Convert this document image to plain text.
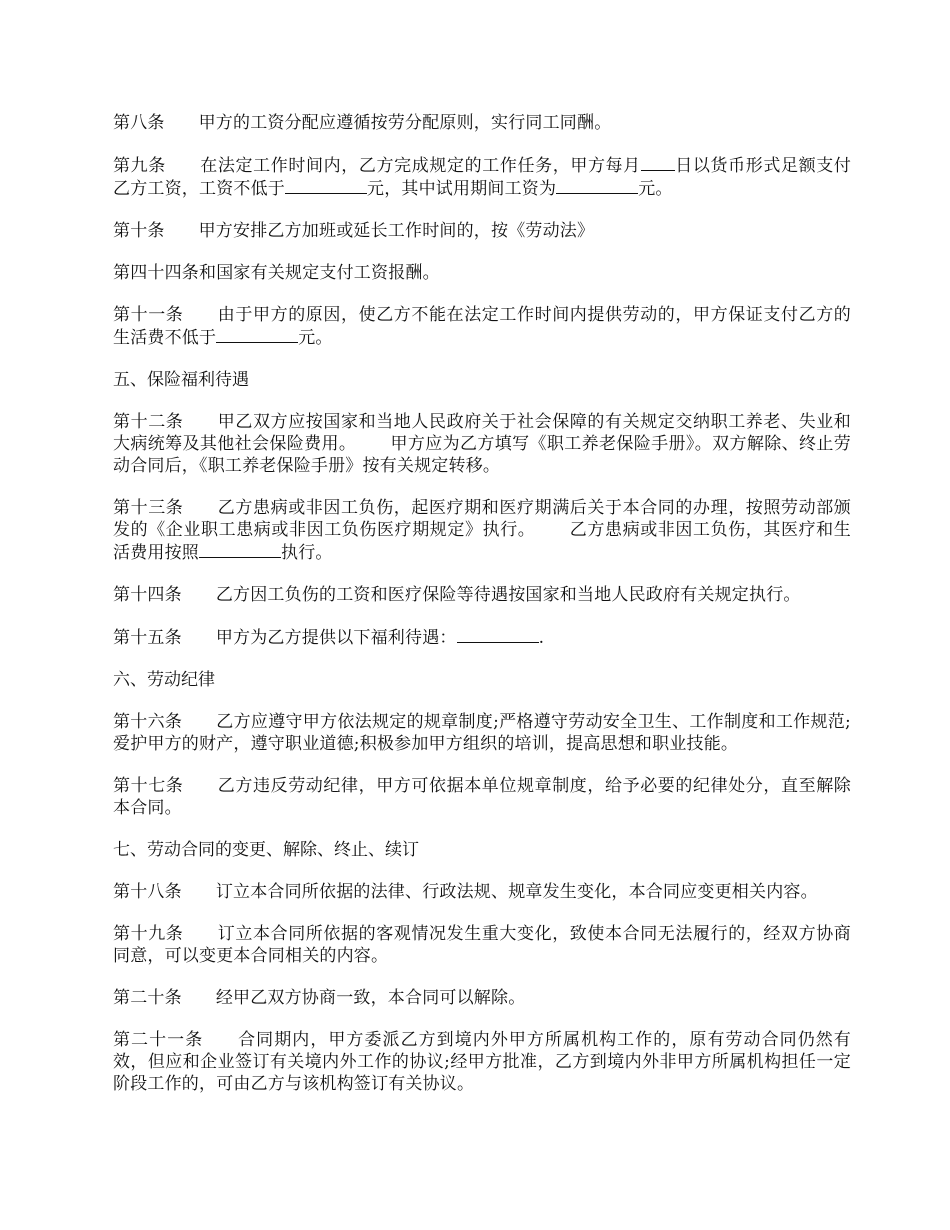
第八条 甲方的工资分配应遵循按劳分配原则，实行同工同酬。

第九条 在法定工作时间内，乙方完成规定的工作任务，甲方每月 日以货币形式足额支付乙方工资，工资不低于	元，其中试用期间工资为	元。

第十条 甲方安排乙方加班或延长工作时间的，按《劳动法》

第四十四条和国家有关规定支付工资报酬。

第十一条 由于甲方的原因，使乙方不能在法定工作时间内提供劳动的，甲方保证支付乙方的生活费不低于	元。

五、保险福利待遇

第十二条 甲乙双方应按国家和当地人民政府关于社会保障的有关规定交纳职工养老、失业和大病统筹及其他社会保险费用。 甲方应为乙方填写《职工养老保险手册》。双方解除、终止劳动合同后，《职工养老保险手册》按有关规定转移。

第十三条 乙方患病或非因工负伤，起医疗期和医疗期满后关于本合同的办理，按照劳动部颁发的《企业职工患病或非因工负伤医疗期规定》执行。 乙方患病或非因工负伤，其医疗和生活费用按照	执行。

第十四条 乙方因工负伤的工资和医疗保险等待遇按国家和当地人民政府有关规定执行。

第十五条 甲方为乙方提供以下福利待遇：	.

六、劳动纪律

第十六条 乙方应遵守甲方依法规定的规章制度;严格遵守劳动安全卫生、工作制度和工作规范;爱护甲方的财产，遵守职业道德;积极参加甲方组织的培训，提高思想和职业技能。

第十七条 乙方违反劳动纪律，甲方可依据本单位规章制度，给予必要的纪律处分，直至解除本合同。

七、劳动合同的变更、解除、终止、续订

第十八条 订立本合同所依据的法律、行政法规、规章发生变化，本合同应变更相关内容。

第十九条 订立本合同所依据的客观情况发生重大变化，致使本合同无法履行的，经双方协商同意，可以变更本合同相关的内容。

第二十条 经甲乙双方协商一致，本合同可以解除。

第二十一条 合同期内，甲方委派乙方到境内外甲方所属机构工作的，原有劳动合同仍然有效，但应和企业签订有关境内外工作的协议;经甲方批准，乙方到境内外非甲方所属机构担任一定阶段工作的，可由乙方与该机构签订有关协议。
